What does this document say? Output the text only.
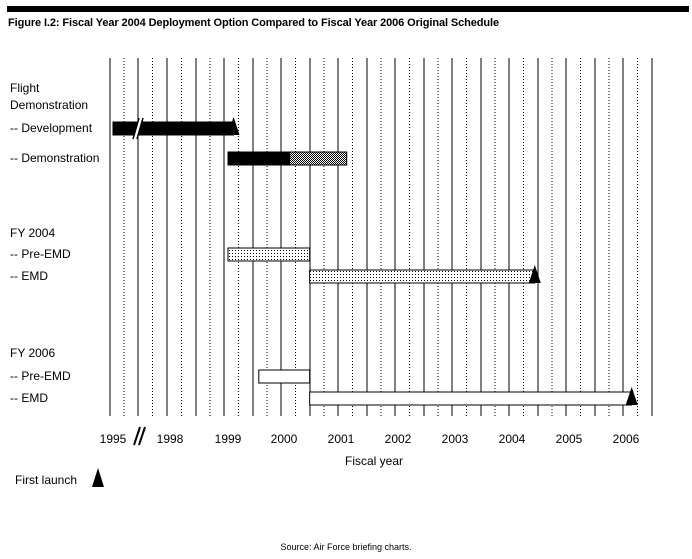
Figure I.2: Fiscal Year 2004 Deployment Option Compared to Fiscal Year 2006 Original Schedule
Flight
Demonstration
-- Development
-- Demonstration
FY 2004
-- Pre-EMD
-- EMD
FY 2006
-- Pre-EMD
-- EMD
1995	1998	1999 2000	2001	2002	2003	2004	2005	2006
Fiscal year
First launch
Source: Air Force briefing charts.
